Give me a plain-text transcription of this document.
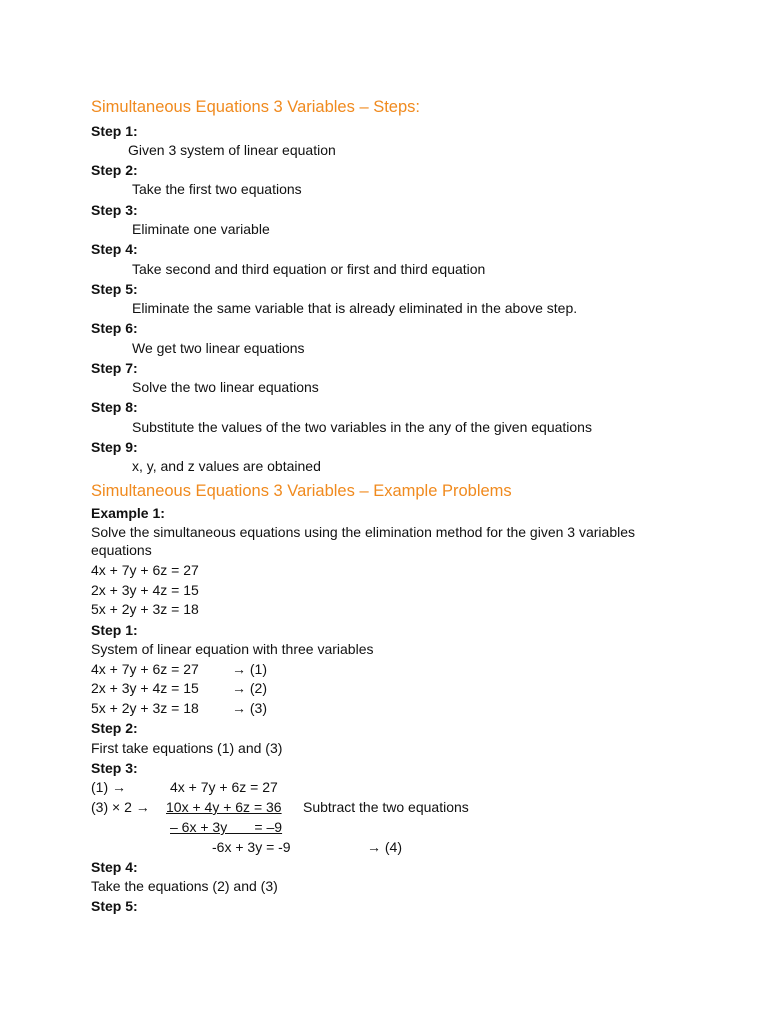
Simultaneous Equations 3 Variables – Steps:
Step 1:
Given 3 system of linear equation
Step 2:
Take the first two equations
Step 3:
Eliminate one variable
Step 4:
Take second and third equation or first and third equation
Step 5:
Eliminate the same variable that is already eliminated in the above step.
Step 6:
We get two linear equations
Step 7:
Solve the two linear equations
Step 8:
Substitute the values of the two variables in the any of the given equations
Step 9:
x, y, and z values are obtained
Simultaneous Equations 3 Variables – Example Problems
Example 1:
Solve the simultaneous equations using the elimination method for the given 3 variables
equations
4x + 7y + 6z = 27
2x + 3y + 4z = 15
5x + 2y + 3z = 18
Step 1:
System of linear equation with three variables
4x + 7y + 6z = 27 → (1)
2x + 3y + 4z = 15 → (2)
5x + 2y + 3z = 18 → (3)
Step 2:
First take equations (1) and (3)
Step 3:
(1) →	4x + 7y + 6z = 27
(3) × 2 → 10x + 4y + 6z = 36 Subtract the two equations
– 6x + 3y       = –9
-6x + 3y = -9	→ (4)
Step 4:
Take the equations (2) and (3)
Step 5:
